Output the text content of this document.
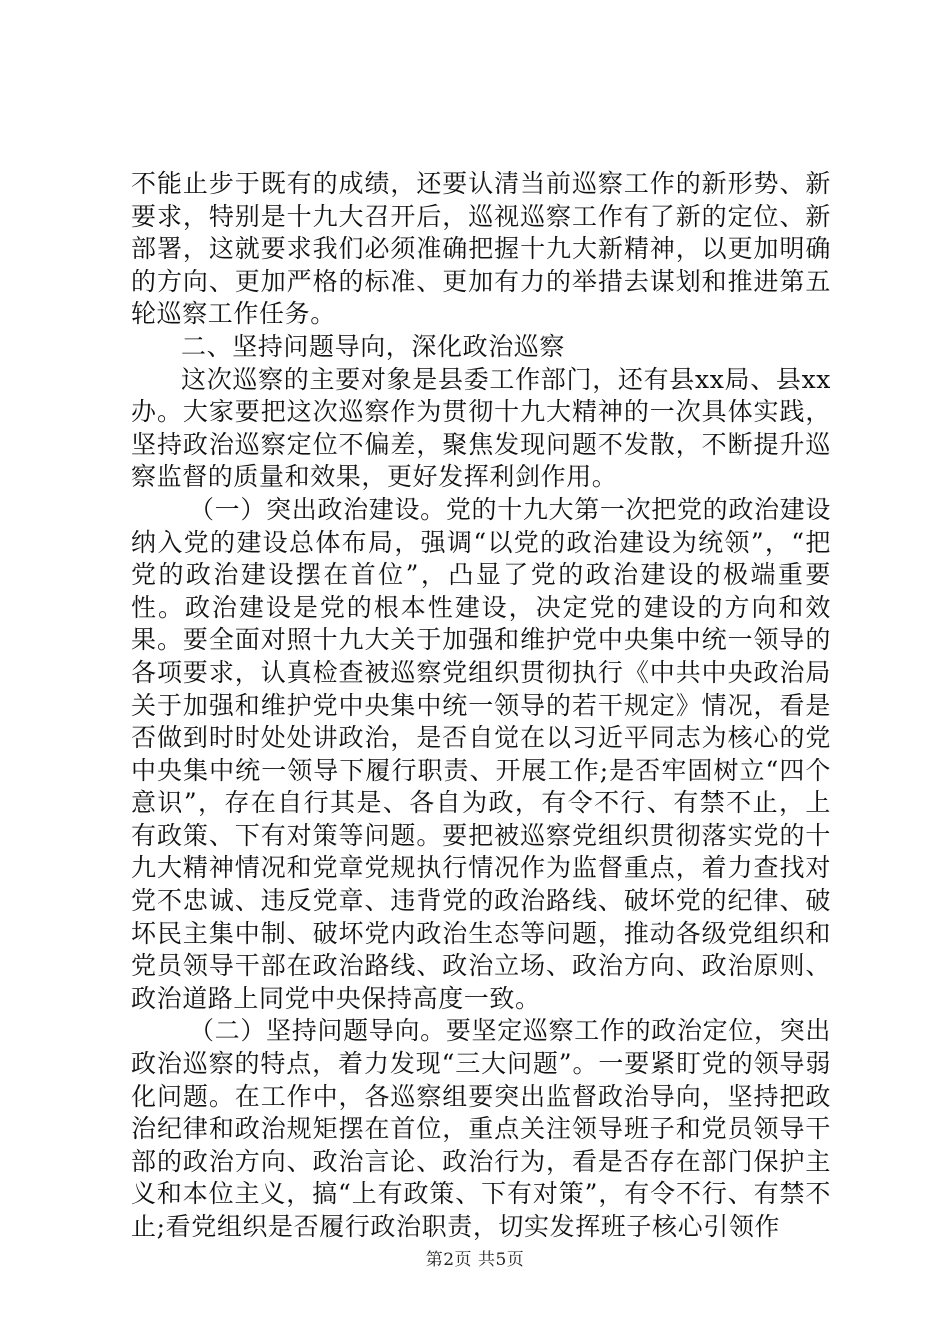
不能止步于既有的成绩，还要认清当前巡察工作的新形势、新要求，特别是十九大召开后，巡视巡察工作有了新的定位、新部署，这就要求我们必须准确把握十九大新精神，以更加明确的方向、更加严格的标准、更加有力的举措去谋划和推进第五轮巡察工作任务。

二、坚持问题导向，深化政治巡察

这次巡察的主要对象是县委工作部门，还有县xx局、县xx办。大家要把这次巡察作为贯彻十九大精神的一次具体实践，坚持政治巡察定位不偏差，聚焦发现问题不发散，不断提升巡察监督的质量和效果，更好发挥利剑作用。

（一）突出政治建设。党的十九大第一次把党的政治建设纳入党的建设总体布局，强调“以党的政治建设为统领”，“把党的政治建设摆在首位”，凸显了党的政治建设的极端重要性。政治建设是党的根本性建设，决定党的建设的方向和效果。要全面对照十九大关于加强和维护党中央集中统一领导的各项要求，认真检查被巡察党组织贯彻执行《中共中央政治局关于加强和维护党中央集中统一领导的若干规定》情况，看是否做到时时处处讲政治，是否自觉在以习近平同志为核心的党中央集中统一领导下履行职责、开展工作;是否牢固树立“四个意识”，存在自行其是、各自为政，有令不行、有禁不止，上有政策、下有对策等问题。要把被巡察党组织贯彻落实党的十九大精神情况和党章党规执行情况作为监督重点，着力查找对党不忠诚、违反党章、违背党的政治路线、破坏党的纪律、破坏民主集中制、破坏党内政治生态等问题，推动各级党组织和党员领导干部在政治路线、政治立场、政治方向、政治原则、政治道路上同党中央保持高度一致。

（二）坚持问题导向。要坚定巡察工作的政治定位，突出政治巡察的特点，着力发现“三大问题”。一要紧盯党的领导弱化问题。在工作中，各巡察组要突出监督政治导向，坚持把政治纪律和政治规矩摆在首位，重点关注领导班子和党员领导干部的政治方向、政治言论、政治行为，看是否存在部门保护主义和本位主义，搞“上有政策、下有对策”，有令不行、有禁不止;看党组织是否履行政治职责，切实发挥班子核心引领作

第2页 共5页
